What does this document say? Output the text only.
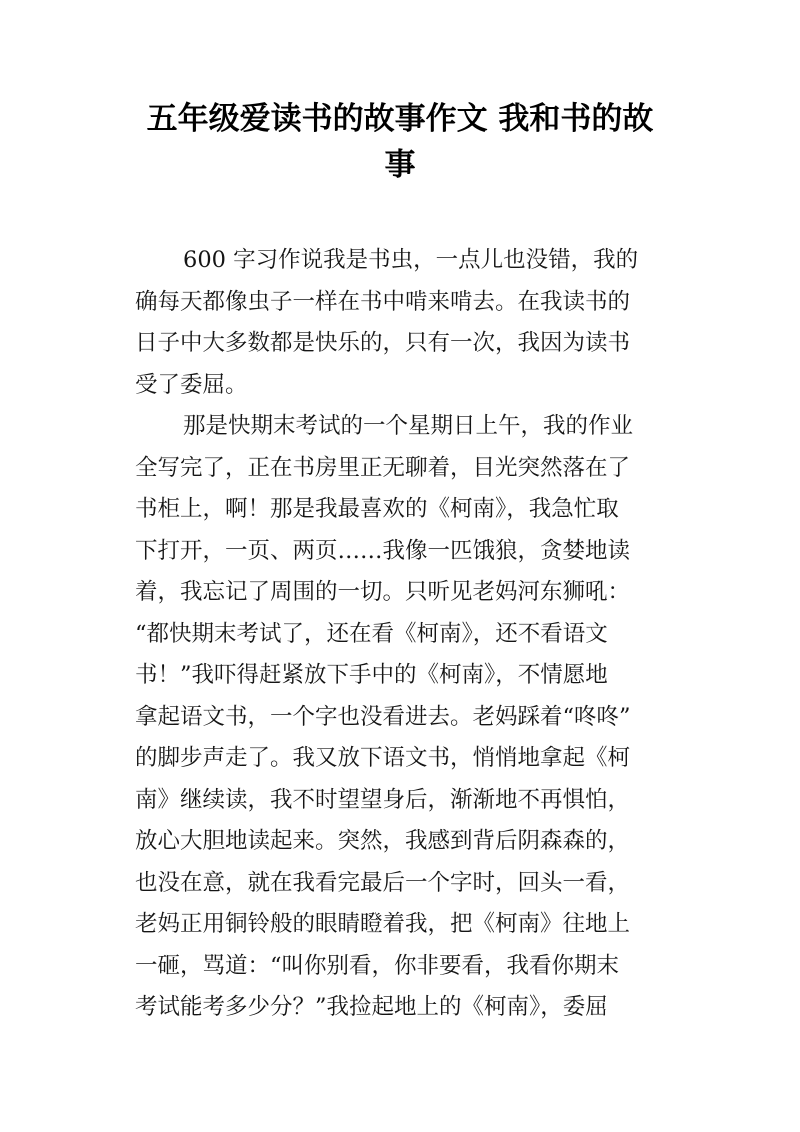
五年级爱读书的故事作文 我和书的故
事
600 字习作说我是书虫，一点儿也没错，我的
确每天都像虫子一样在书中啃来啃去。在我读书的
日子中大多数都是快乐的，只有一次，我因为读书
受了委屈。
那是快期末考试的一个星期日上午，我的作业
全写完了，正在书房里正无聊着，目光突然落在了
书柜上，啊！那是我最喜欢的《柯南》，我急忙取
下打开，一页、两页……我像一匹饿狼，贪婪地读
着，我忘记了周围的一切。只听见老妈河东狮吼：
“都快期末考试了，还在看《柯南》，还不看语文
书！”我吓得赶紧放下手中的《柯南》，不情愿地
拿起语文书，一个字也没看进去。老妈踩着“咚咚”
的脚步声走了。我又放下语文书，悄悄地拿起《柯
南》继续读，我不时望望身后，渐渐地不再惧怕，
放心大胆地读起来。突然，我感到背后阴森森的，
也没在意，就在我看完最后一个字时，回头一看，
老妈正用铜铃般的眼睛瞪着我，把《柯南》往地上
一砸，骂道：“叫你别看，你非要看，我看你期末
考试能考多少分？”我捡起地上的《柯南》，委屈
